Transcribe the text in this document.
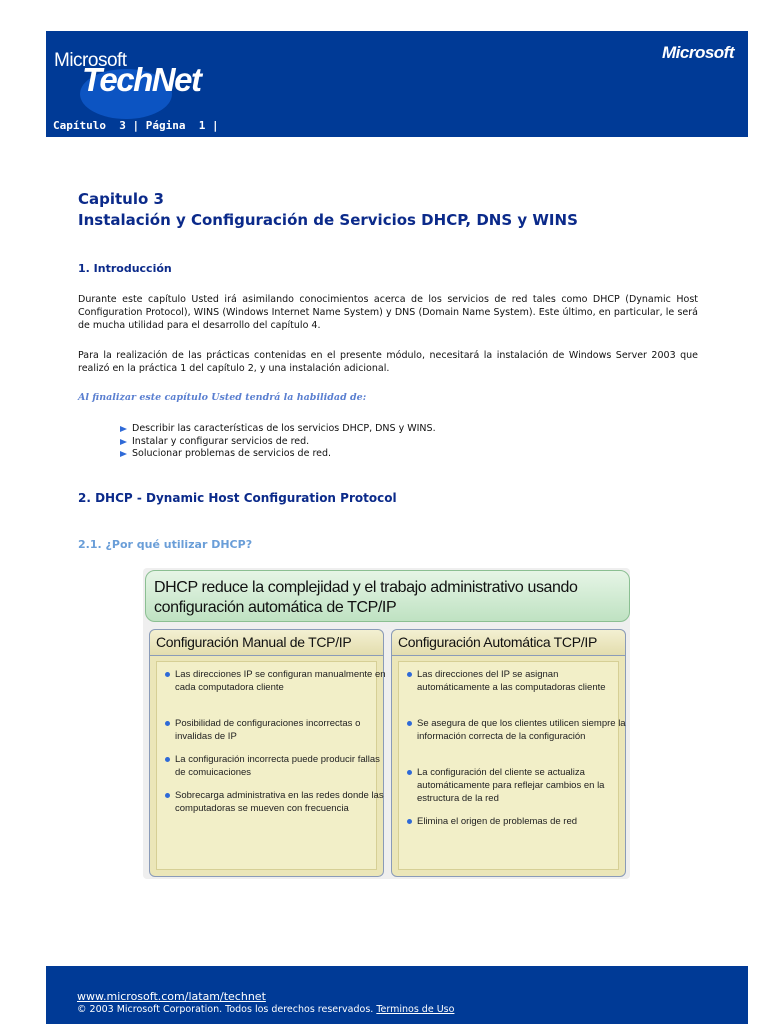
Microsoft
TechNet
Microsoft
Capítulo  3 | Página  1 |
Capitulo 3
Instalación y Configuración de Servicios DHCP, DNS y WINS
1. Introducción
Durante este capítulo Usted irá asimilando conocimientos acerca de los servicios de red tales como DHCP (Dynamic Host Configuration Protocol), WINS (Windows Internet Name System) y DNS (Domain Name System). Este último, en particular, le será de mucha utilidad para el desarrollo del capítulo 4.
Para la realización de las prácticas contenidas en el presente módulo, necesitará la instalación de Windows Server 2003 que realizó en la práctica 1 del capítulo 2, y una instalación adicional.
Al finalizar este capítulo Usted tendrá la habilidad de:
Describir las características de los servicios DHCP, DNS y WINS.
Instalar y configurar servicios de red.
Solucionar problemas de servicios de red.
2. DHCP - Dynamic Host Configuration Protocol
2.1. ¿Por qué utilizar DHCP?
DHCP reduce la complejidad y el trabajo administrativo usando
configuración automática de TCP/IP
Configuración Manual de TCP/IP
Las direcciones IP se configuran manualmente en cada computadora cliente
Posibilidad de configuraciones incorrectas o invalidas de IP
La configuración incorrecta puede producir fallas de comuicaciones
Sobrecarga administrativa en las redes donde las computadoras se mueven con frecuencia
Configuración Automática TCP/IP
Las direcciones del IP se asignan automáticamente a las computadoras cliente
Se asegura de que los clientes utilicen siempre la información correcta de la configuración
La configuración del cliente se actualiza automáticamente para reflejar cambios en la estructura de la red
Elimina el origen de problemas de red
www.microsoft.com/latam/technet
© 2003 Microsoft Corporation. Todos los derechos reservados. Terminos de Uso
